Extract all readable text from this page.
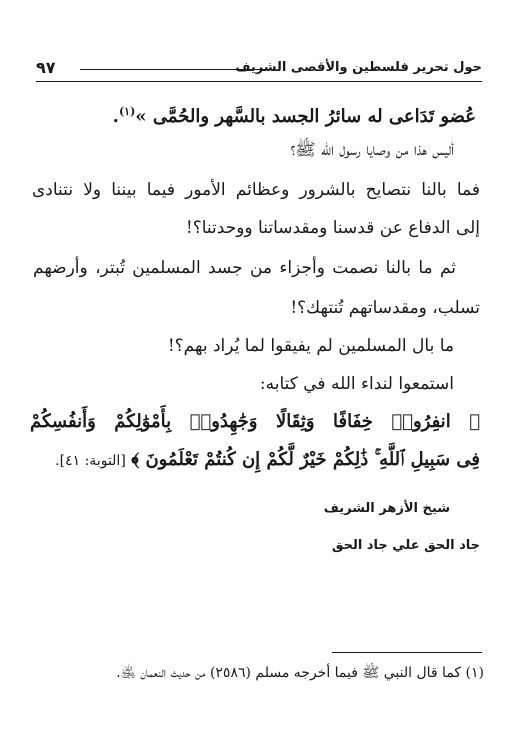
حول تحرير فلسطين والأقصى الشريف
٩٧
عُضو تَدَاعى له سائرُ الجسد بالسَّهر والحُمَّى »$^{(١)}$.
أليس هذا من وصايا رسول الله ﷺ؟
فما بالنا نتصايح بالشرور وعظائم الأمور فيما بيننا ولا نتنادى
إلى الدفاع عن قدسنا ومقدساتنا ووحدتنا؟!
ثم ما بالنا نصمت وأجزاء من جسد المسلمين تُبتر، وأرضهم
تسلب، ومقدساتهم تُنتهك؟!
ما بال المسلمين لم يفيقوا لما يُراد بهم؟!
استمعوا لنداء الله في كتابه:
﴿ انفِرُوا۟ خِفَافًا وَثِقَالًا وَجَٰهِدُوا۟ بِأَمْوَٰلِكُمْ وَأَنفُسِكُمْ
فِى سَبِيلِ ٱللَّهِ ۚ ذَٰلِكُمْ خَيْرٌ لَّكُمْ إِن كُنتُمْ تَعْلَمُونَ ﴾ [التوبة: ٤١].
شيخ الأزهر الشريف
جاد الحق علي جاد الحق
(١) كما قال النبي ﷺ فيما أخرجه مسلم (٢٥٨٦) من حديث النعمان ﵁.
